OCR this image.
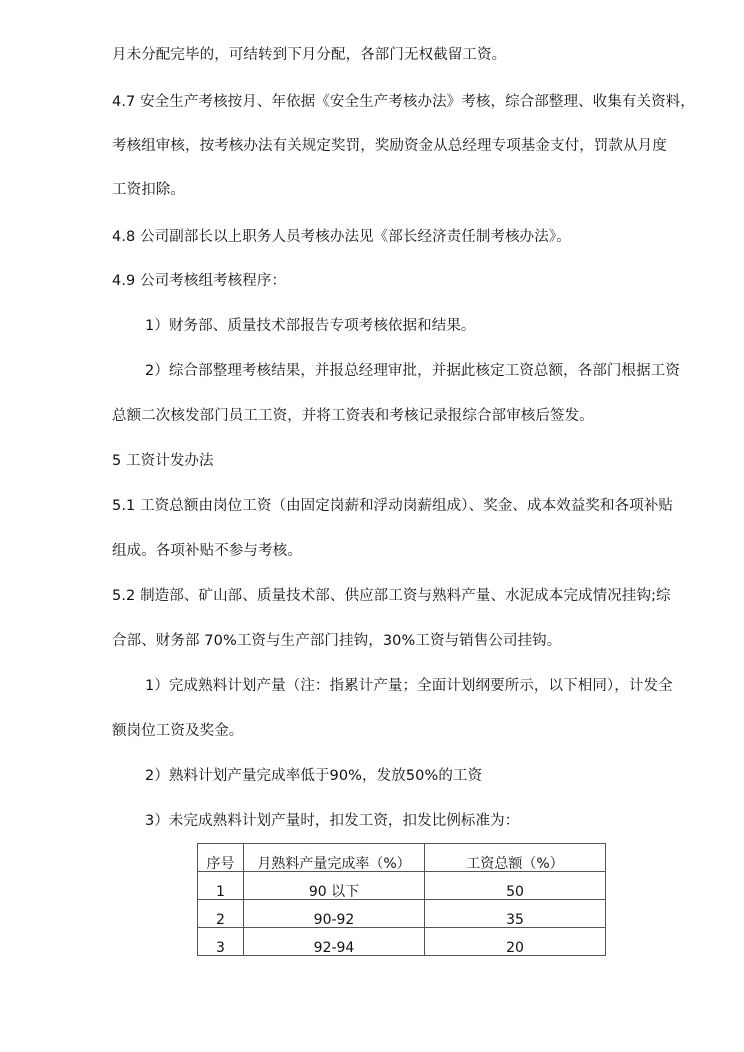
月未分配完毕的，可结转到下月分配，各部门无权截留工资。
4.7 安全生产考核按月、年依据《安全生产考核办法》考核，综合部整理、收集有关资料，
考核组审核，按考核办法有关规定奖罚，奖励资金从总经理专项基金支付，罚款从月度
工资扣除。
4.8 公司副部长以上职务人员考核办法见《部长经济责任制考核办法》。
4.9 公司考核组考核程序：
1）财务部、质量技术部报告专项考核依据和结果。
2）综合部整理考核结果，并报总经理审批，并据此核定工资总额，各部门根据工资
总额二次核发部门员工工资，并将工资表和考核记录报综合部审核后签发。
5 工资计发办法
5.1 工资总额由岗位工资（由固定岗薪和浮动岗薪组成）、奖金、成本效益奖和各项补贴
组成。各项补贴不参与考核。
5.2 制造部、矿山部、质量技术部、供应部工资与熟料产量、水泥成本完成情况挂钩;综
合部、财务部 70%工资与生产部门挂钩，30%工资与销售公司挂钩。
1）完成熟料计划产量（注：指累计产量；全面计划纲要所示，以下相同），计发全
额岗位工资及奖金。
2）熟料计划产量完成率低于90%，发放50%的工资
3）未完成熟料计划产量时，扣发工资，扣发比例标准为：
序号	月熟料产量完成率（%）	工资总额（%）
1	90 以下	50
2	90-92	35
3	92-94	20
